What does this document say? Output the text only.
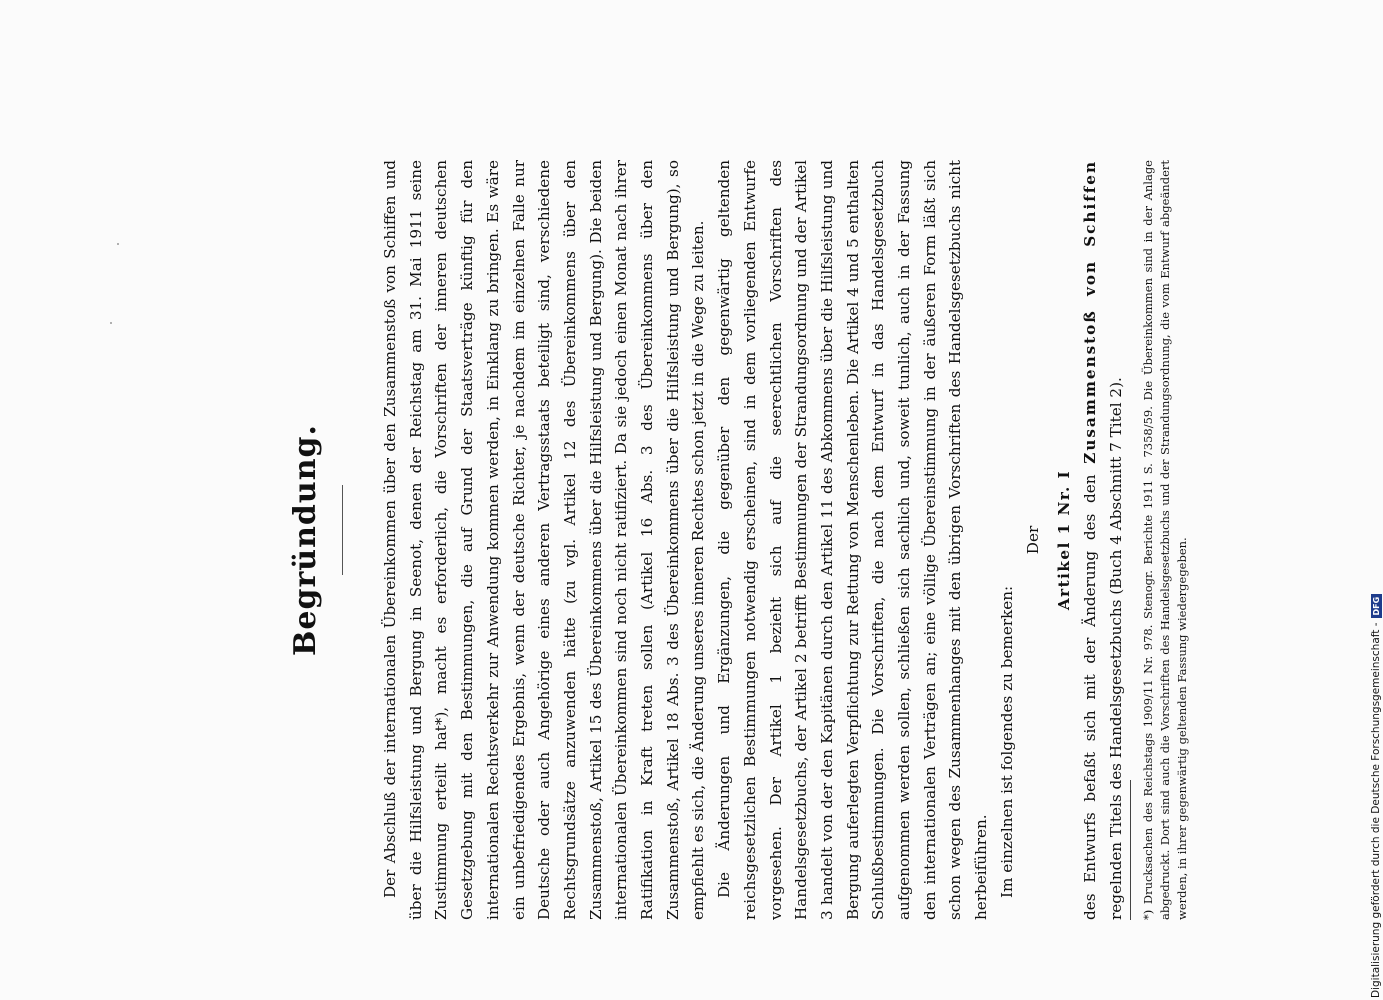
Begründung.	Der Abschluß der internationalen Übereinkommen über den Zusammenstoß von Schiffen und über die Hilfsleistung und Bergung in Seenot, denen der Reichstag am 31. Mai 1911 seine Zustimmung erteilt hat*), macht es erforderlich, die Vorschriften der inneren deutschen Gesetzgebung mit den Bestimmungen, die auf Grund der Staatsverträge künftig für den internationalen Rechtsverkehr zur Anwendung kommen werden, in Einklang zu bringen. Es wäre ein unbefriedigendes Ergebnis, wenn der deutsche Richter, je nachdem im einzelnen Falle nur Deutsche oder auch Angehörige eines anderen Vertragsstaats beteiligt sind, verschiedene Rechtsgrundsätze anzuwenden hätte (zu vgl. Artikel 12 des Übereinkommens über den Zusammenstoß, Artikel 15 des Übereinkommens über die Hilfsleistung und Bergung). Die beiden internationalen Übereinkommen sind noch nicht ratifiziert. Da sie jedoch einen Monat nach ihrer Ratifikation in Kraft treten sollen (Artikel 16 Abs. 3 des Übereinkommens über den Zusammenstoß, Artikel 18 Abs. 3 des Übereinkommens über die Hilfsleistung und Bergung), so empfiehlt es sich, die Änderung unseres inneren Rechtes schon jetzt in die Wege zu leiten. Die Änderungen und Ergänzungen, die gegenüber den gegenwärtig geltenden reichsgesetzlichen Bestimmungen notwendig erscheinen, sind in dem vorliegenden Entwurfe vorgesehen. Der Artikel 1 bezieht sich auf die seerechtlichen Vorschriften des Handelsgesetzbuchs, der Artikel 2 betrifft Bestimmungen der Strandungsordnung und der Artikel 3 handelt von der den Kapitänen durch den Artikel 11 des Abkommens über die Hilfsleistung und Bergung auferlegten Verpflichtung zur Rettung von Menschenleben. Die Artikel 4 und 5 enthalten Schlußbestimmungen. Die Vorschriften, die nach dem Entwurf in das Handelsgesetzbuch aufgenommen werden sollen, schließen sich sachlich und, soweit tunlich, auch in der Fassung den internationalen Verträgen an; eine völlige Übereinstimmung in der äußeren Form läßt sich schon wegen des Zusammenhanges mit den übrigen Vorschriften des Handelsgesetzbuchs nicht herbeiführen. Im einzelnen ist folgendes zu bemerken:

Der Artikel 1 Nr. I des Entwurfs befaßt sich mit der Änderung des den Zusammenstoß von Schiffen regelnden Titels des Handelsgesetzbuchs (Buch 4 Abschnitt 7 Titel 2).	*) Drucksachen des Reichstags 1909/11 Nr. 978. Stenogr. Berichte 1911 S. 7358/59. Die Übereinkommen sind in der Anlage abgedruckt. Dort sind auch die Vorschriften des Handelsgesetzbuchs und der Strandungsordnung, die vom Entwurf abgeändert werden, in ihrer gegenwärtig geltenden Fassung wiedergegeben.	Digitalisierung gefördert durch die Deutsche Forschungsgemeinschaft -DFG
